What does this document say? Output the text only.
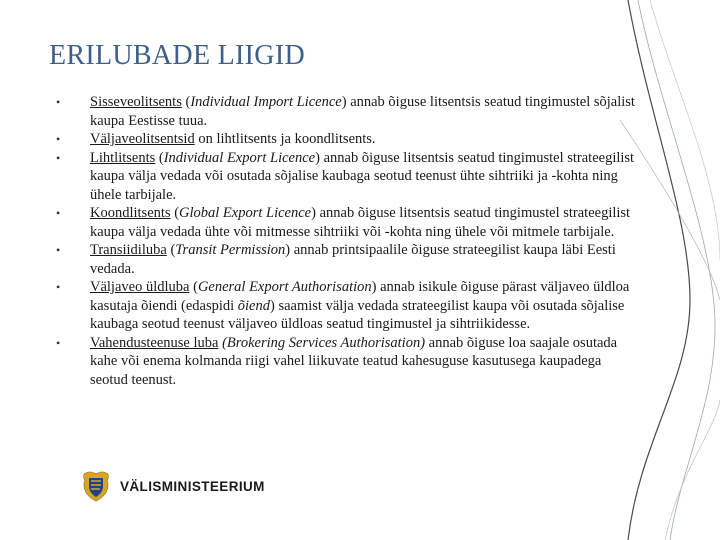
ERILUBADE LIIGID
• Sisseveolitsents (Individual Import Licence) annab õiguse litsentsis seatud tingimustel sõjalist kaupa Eestisse tuua.
• Väljaveolitsentsid on lihtlitsents ja koondlitsents.
• Lihtlitsents (Individual Export Licence) annab õiguse litsentsis seatud tingimustel strateegilist kaupa välja vedada või osutada sõjalise kaubaga seotud teenust ühte sihtriiki ja -kohta ning ühele tarbijale.
• Koondlitsents (Global Export Licence) annab õiguse litsentsis seatud tingimustel strateegilist kaupa välja vedada ühte või mitmesse sihtriiki või -kohta ning ühele või mitmele tarbijale.
• Transiidiluba (Transit Permission) annab printsipaalile õiguse strateegilist kaupa läbi Eesti vedada.
• Väljaveo üldluba (General Export Authorisation) annab isikule õiguse pärast väljaveo üldloa kasutaja õiendi (edaspidi õiend) saamist välja vedada strateegilist kaupa või osutada sõjalise kaubaga seotud teenust väljaveo üldloas seatud tingimustel ja sihtriikidesse.
• Vahendusteenuse luba (Brokering Services Authorisation) annab õiguse loa saajale osutada kahe või enema kolmanda riigi vahel liikuvate teatud kahesuguse kasutusega kaupadega seotud teenust.
VÄLISMINISTEERIUM
